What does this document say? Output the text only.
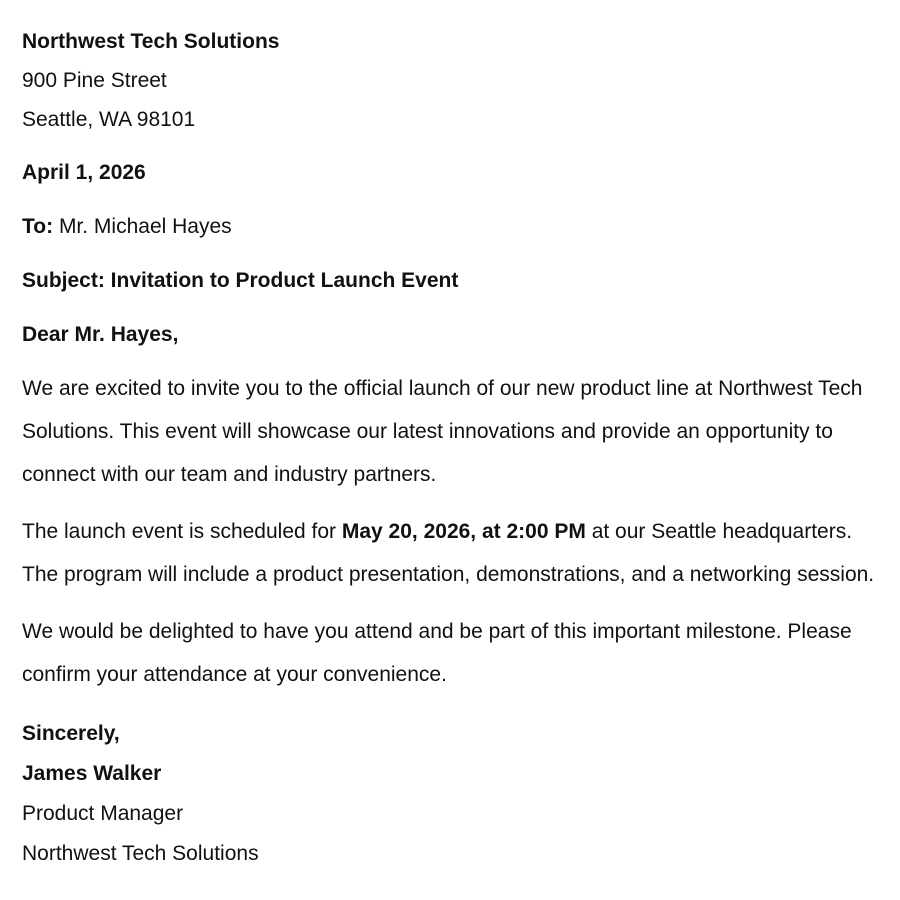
Northwest Tech Solutions
900 Pine Street
Seattle, WA 98101
April 1, 2026
To: Mr. Michael Hayes
Subject: Invitation to Product Launch Event
Dear Mr. Hayes,

We are excited to invite you to the official launch of our new product line at Northwest Tech Solutions. This event will showcase our latest innovations and provide an opportunity to connect with our team and industry partners.

The launch event is scheduled for May 20, 2026, at 2:00 PM at our Seattle headquarters. The program will include a product presentation, demonstrations, and a networking session.

We would be delighted to have you attend and be part of this important milestone. Please confirm your attendance at your convenience.

Sincerely,
James Walker
Product Manager
Northwest Tech Solutions
